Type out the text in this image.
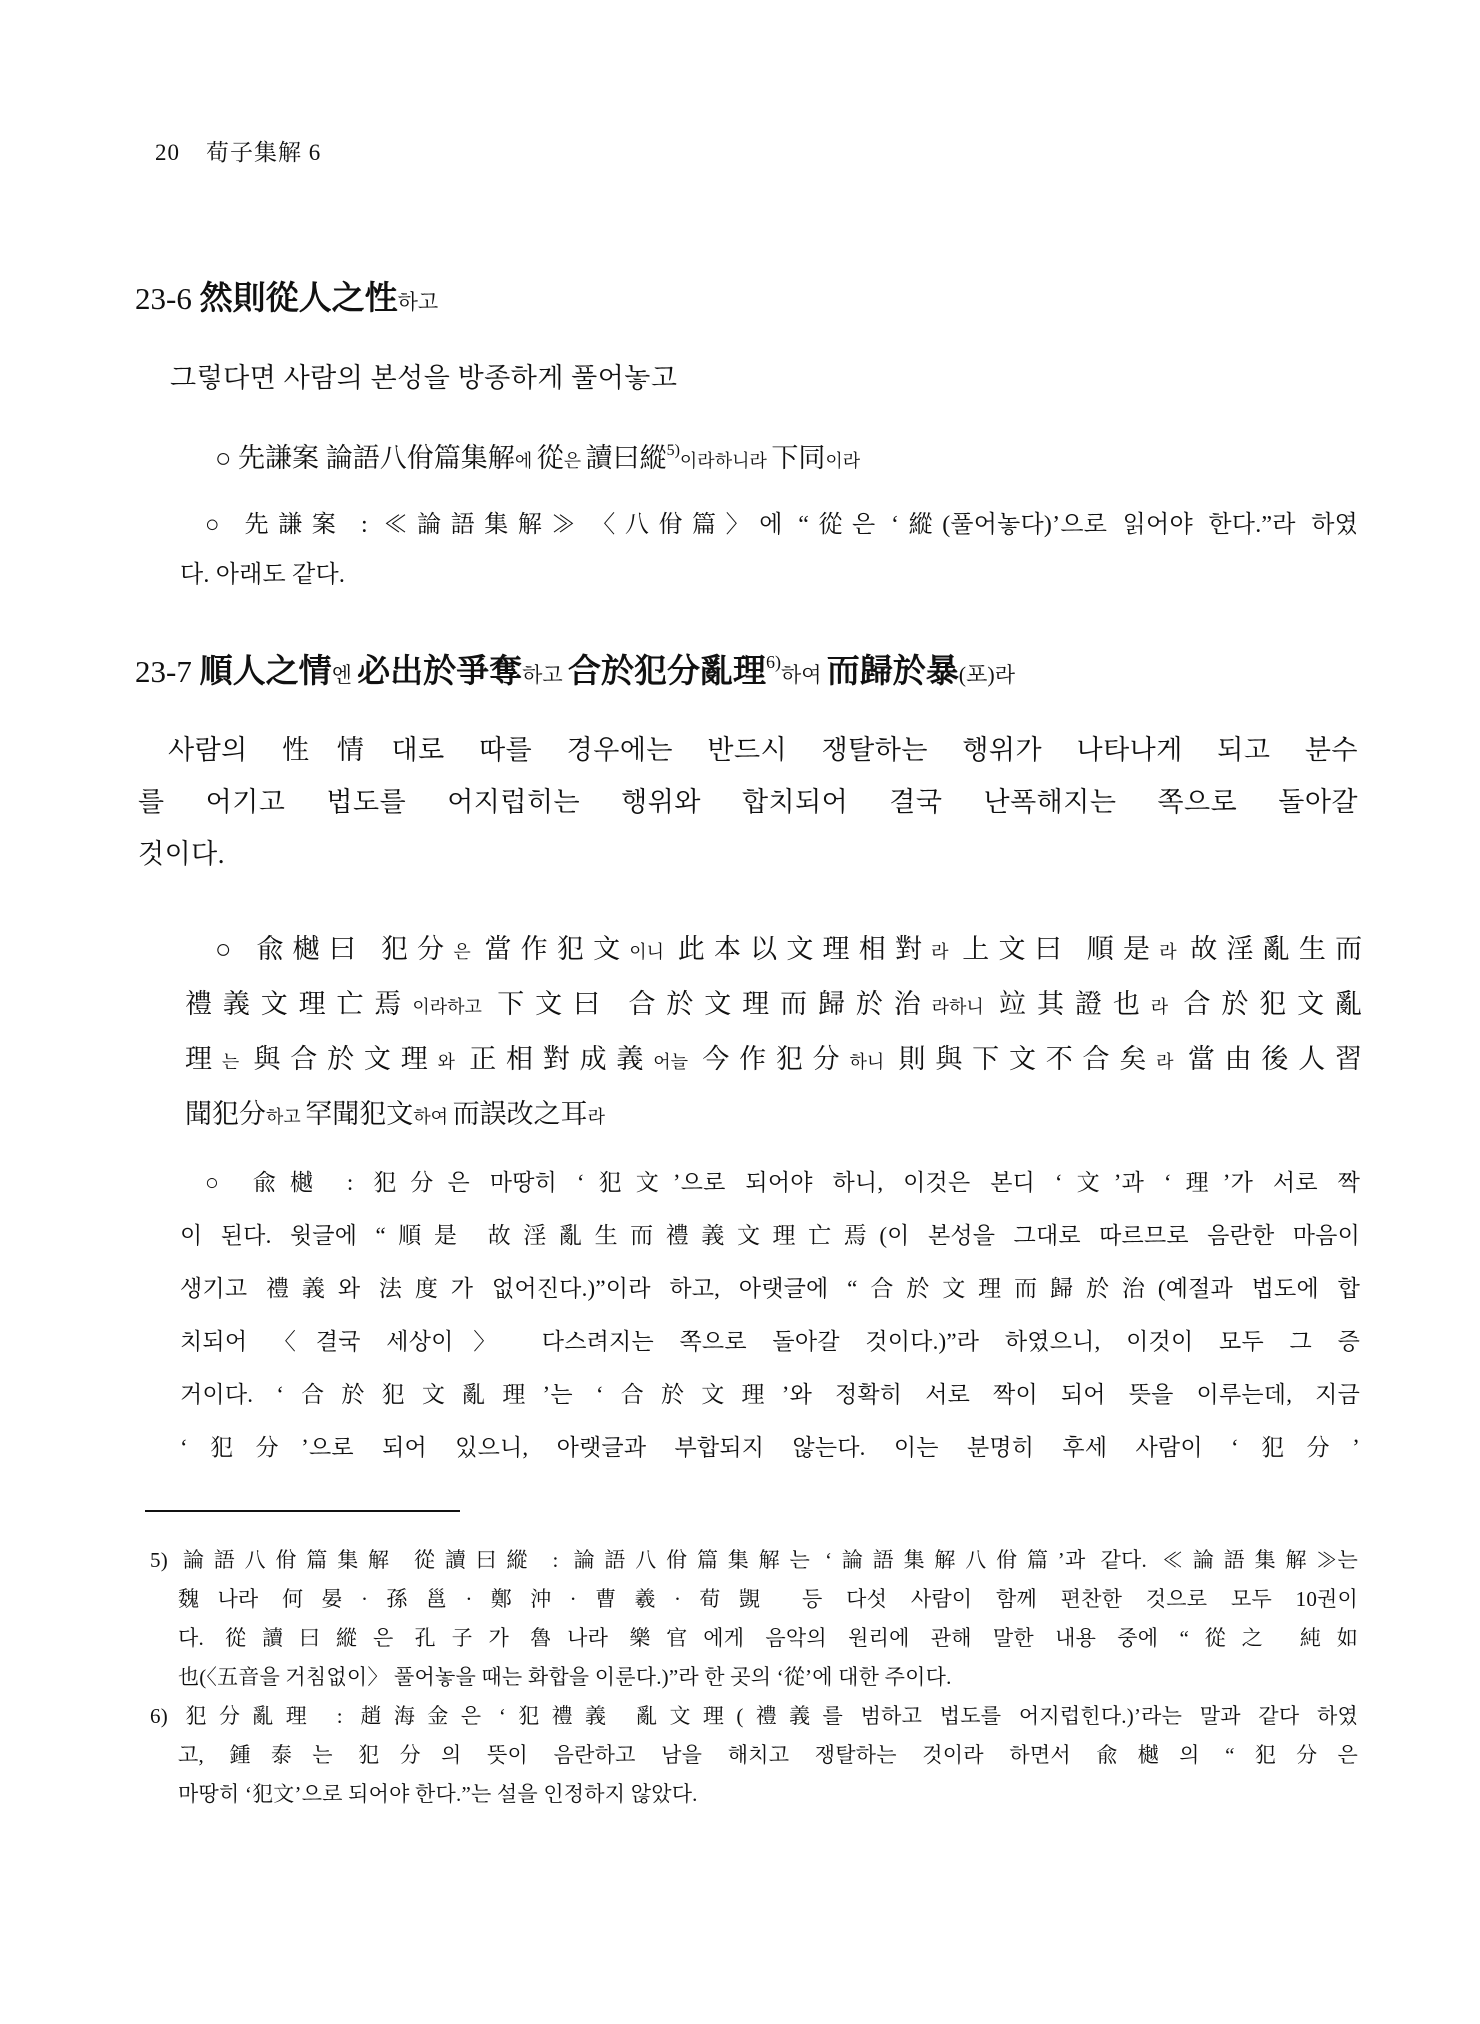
20 荀子集解 6
23-6 然則從人之性하고
그렇다면 사람의 본성을 방종하게 풀어놓고
○ 先謙案 論語八佾篇集解에 從은 讀曰縱5)이라하니라 下同이라
○ 先謙案 : ≪論語集解≫ 〈八佾篇〉에 “從은 ‘縱(풀어놓다)’으로 읽어야 한다.”라 하였
다. 아래도 같다.
23-7 順人之情엔 必出於爭奪하고 合於犯分亂理6)하여 而歸於暴(포)라
사람의 性情대로 따를 경우에는 반드시 쟁탈하는 행위가 나타나게 되고 분수
를 어기고 법도를 어지럽히는 행위와 합치되어 결국 난폭해지는 쪽으로 돌아갈
것이다.
○ 兪樾曰 犯分은 當作犯文이니 此本以文理相對라 上文曰 順是라 故淫亂生而
禮義文理亡焉이라하고 下文曰 合於文理而歸於治라하니 竝其證也라 合於犯文亂
理는 與合於文理와 正相對成義어늘 今作犯分하니 則與下文不合矣라 當由後人習
聞犯分하고 罕聞犯文하여 而誤改之耳라
○ 兪樾 : 犯分은 마땅히 ‘犯文’으로 되어야 하니, 이것은 본디 ‘文’과 ‘理’가 서로 짝
이 된다. 윗글에 “順是 故淫亂生而禮義文理亡焉(이 본성을 그대로 따르므로 음란한 마음이
생기고 禮義와 法度가 없어진다.)”이라 하고, 아랫글에 “合於文理而歸於治(예절과 법도에 합
치되어 〈결국 세상이〉 다스려지는 쪽으로 돌아갈 것이다.)”라 하였으니, 이것이 모두 그 증
거이다. ‘合於犯文亂理’는 ‘合於文理’와 정확히 서로 짝이 되어 뜻을 이루는데, 지금
‘犯分’으로 되어 있으니, 아랫글과 부합되지 않는다. 이는 분명히 후세 사람이 ‘犯分’
5) 論語八佾篇集解 從讀曰縱 : 論語八佾篇集解는 ‘論語集解八佾篇’과 같다. ≪論語集解≫는
魏나라 何晏·孫邕·鄭沖·曹羲·荀覬 등 다섯 사람이 함께 편찬한 것으로 모두 10권이
다. 從讀曰縱은 孔子가 魯나라 樂官에게 음악의 원리에 관해 말한 내용 중에 “從之 純如
也(〈五音을 거침없이〉 풀어놓을 때는 화합을 이룬다.)”라 한 곳의 ‘從’에 대한 주이다.
6) 犯分亂理 : 趙海金은 ‘犯禮義 亂文理(禮義를 범하고 법도를 어지럽힌다.)’라는 말과 같다 하였
고, 鍾泰는 犯分의 뜻이 음란하고 남을 해치고 쟁탈하는 것이라 하면서 兪樾의 “犯分은
마땅히 ‘犯文’으로 되어야 한다.”는 설을 인정하지 않았다.
